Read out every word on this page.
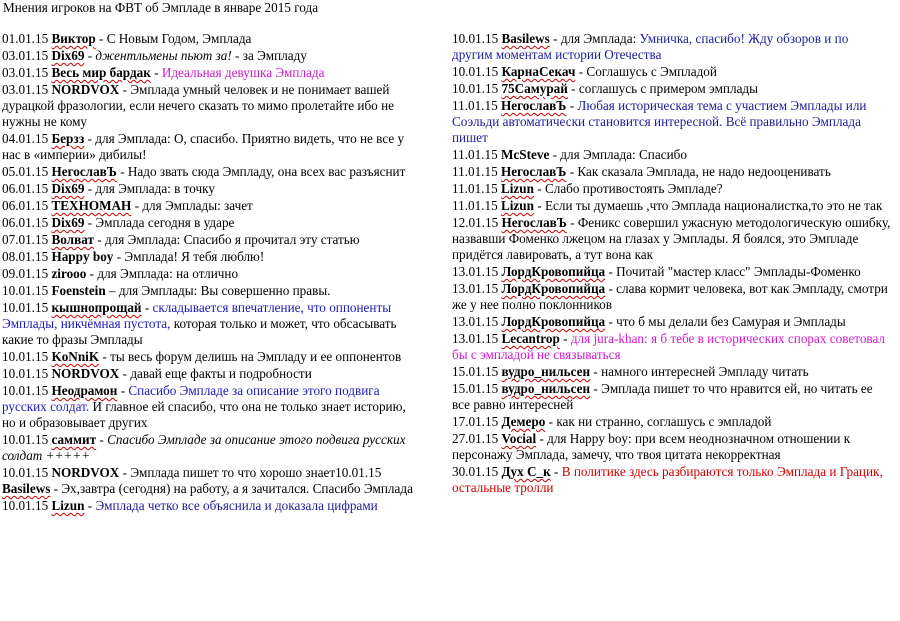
Мнения игроков на ФВТ об Эмпладе в январе 2015 года
01.01.15 Виктор - С Новым Годом, Эмплада
03.01.15 Dix69 - джентльмены пьют за! - за Эмпладу
03.01.15 Весь мир бардак - Идеальная девушка Эмплада
03.01.15 NORDVOX - Эмплада умный человек и не понимает вашей дурацкой фразологии, если нечего сказать то мимо пролетайте ибо не нужны не кому
04.01.15 Берзз - для Эмплада: О, спасибо. Приятно видеть, что не все у нас в «империи» дибилы!
05.01.15 НегославЪ - Надо звать сюда Эмпладу, она всех вас разъяснит
06.01.15 Dix69 - для Эмплада: в точку
06.01.15 ТЕХНОМАН - для Эмплады: зачет
06.01.15 Dix69 - Эмплада сегодня в ударе
07.01.15 Волват - для Эмплада: Спасибо я прочитал эту статью
08.01.15 Happy boy - Эмплада! Я тебя люблю!
09.01.15 zirooo - для Эмплада: на отлично
10.01.15 Foenstein – для Эмплады: Вы совершенно правы.
10.01.15 кышнопрощай - складывается впечатление, что оппоненты Эмплады, никчёмная пустота, которая только и может, что обсасывать какие то фразы Эмплады
10.01.15 KoNniK - ты весь форум делишь на Эмпладу и ее оппонентов
10.01.15 NORDVOX - давай еще факты и подробности
10.01.15 Неодрамон - Спасибо Эмпладе за описание этого подвига русских солдат. И главное ей спасибо, что она не только знает историю, но и обрaзовывает других
10.01.15 саммит - Спасибо Эмпладе за описание этого подвига русских солдат +++++
10.01.15 NORDVOX - Эмплада пишет то что хорошо знает10.01.15 Basilews - Эх,завтра (сегодня) на работу, а я зачитался. Спасибо Эмплада
10.01.15 Lizun - Эмплада четко все объяснила и доказала цифрами
10.01.15 Basilews - для Эмплада: Умничка, спасибо! Жду обзоров и по другим моментам истории Отечества
10.01.15 КарнаСекач - Соглашусь с Эмпладой
10.01.15 75Самурай - соглашусь с примером эмплады
11.01.15 НегославЪ - Любая историческая тема с участием Эмплады или Соэльди автоматически становится интересной. Всё правильно Эмплада пишет
11.01.15 McSteve - для Эмплада: Спасибо
11.01.15 НегославЪ - Как сказала Эмплада, не надо недооценивать
11.01.15 Lizun - Слабо противостоять Эмпладе?
11.01.15 Lizun - Если ты думаешь ,что Эмплада националистка,то это не так
12.01.15 НегославЪ - Феникс совершил ужасную методологическую ошибку, назвавши Фоменко лжецом на глазах у Эмплады. Я боялся, это Эмпладе придётся лавировать, а тут вона как
13.01.15 ЛордКровопийца - Почитай "мастер класс" Эмплады-Фоменко
13.01.15 ЛордКровопийца - слава кормит человека, вот как Эмпладу, смотри же у нее полно поклонников
13.01.15 ЛордКровопийца - что б мы делали без Самурая и Эмплады
13.01.15 Lecantrop - для jura-khan: я б тебе в исторических спорах советовал бы с эмпладой не связываться
15.01.15 вудро_нильсен - намного интересней Эмпладу читать
15.01.15 вудро_нильсен - Эмплада пишет то что нравится ей, но читать ее все равно интересней
17.01.15 Демеро - как ни странно, соглашусь с эмпладой
27.01.15 Vocial - для Happy boy: при всем неоднозначном отношении к персонажу Эмплада, замечу, что твоя цитата некорректная
30.01.15 Дух С_к - В политике здесь разбираются только Эмплада и Грацик, остальные тролли
